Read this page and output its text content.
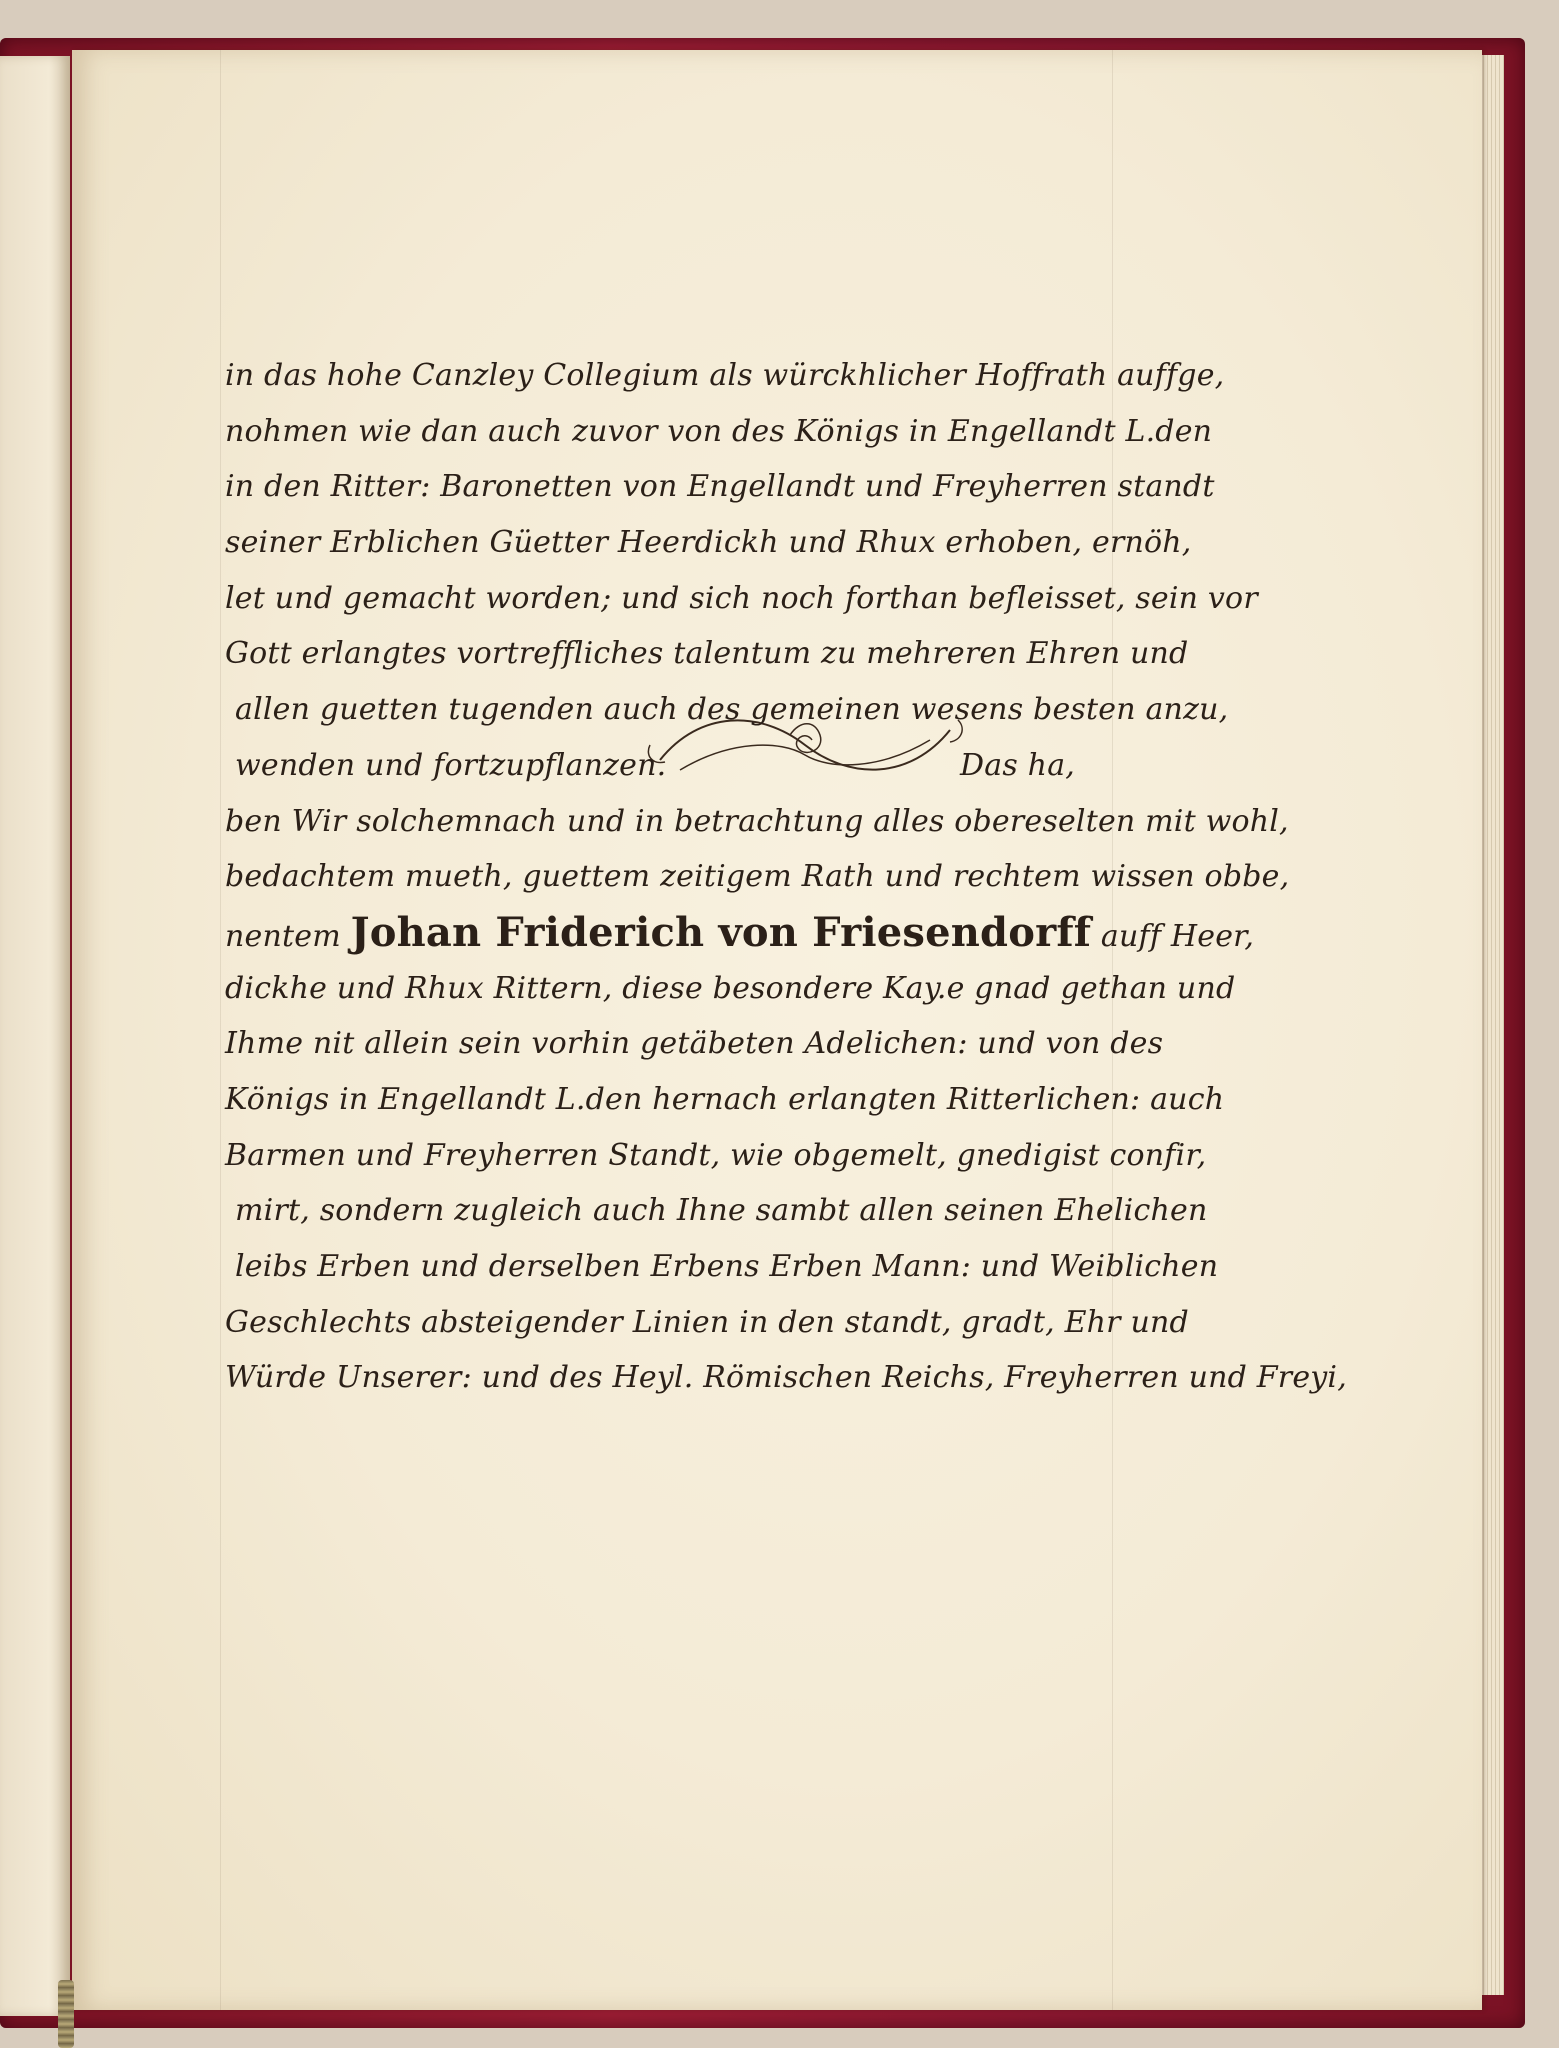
in das hohe Canzley Collegium als würckhlicher Hoffrath auffge,
nohmen wie dan auch zuvor von des Königs in Engellandt L.den
in den Ritter: Baronetten von Engellandt und Freyherren standt
seiner Erblichen Güetter Heerdickh und Rhux erhoben, ernöh,
let und gemacht worden; und sich noch forthan befleisset, sein vor
Gott erlangtes vortreffliches talentum zu mehreren Ehren und
allen guetten tugenden auch des gemeinen wesens besten anzu,
wenden und fortzupflanzen.	Das ha,
ben Wir solchemnach und in betrachtung alles obereselten mit wohl,
bedachtem mueth, guettem zeitigem Rath und rechtem wissen obbe,
nentem Johan Friderich von Friesendorff auff Heer,
dickhe und Rhux Rittern, diese besondere Kay.e gnad gethan und
Ihme nit allein sein vorhin getäbeten Adelichen: und von des
Königs in Engellandt L.den hernach erlangten Ritterlichen: auch
Barmen und Freyherren Standt, wie obgemelt, gnedigist confir,
mirt, sondern zugleich auch Ihne sambt allen seinen Ehelichen
leibs Erben und derselben Erbens Erben Mann: und Weiblichen
Geschlechts absteigender Linien in den standt, gradt, Ehr und
Würde Unserer: und des Heyl. Römischen Reichs, Freyherren und Freyi,
